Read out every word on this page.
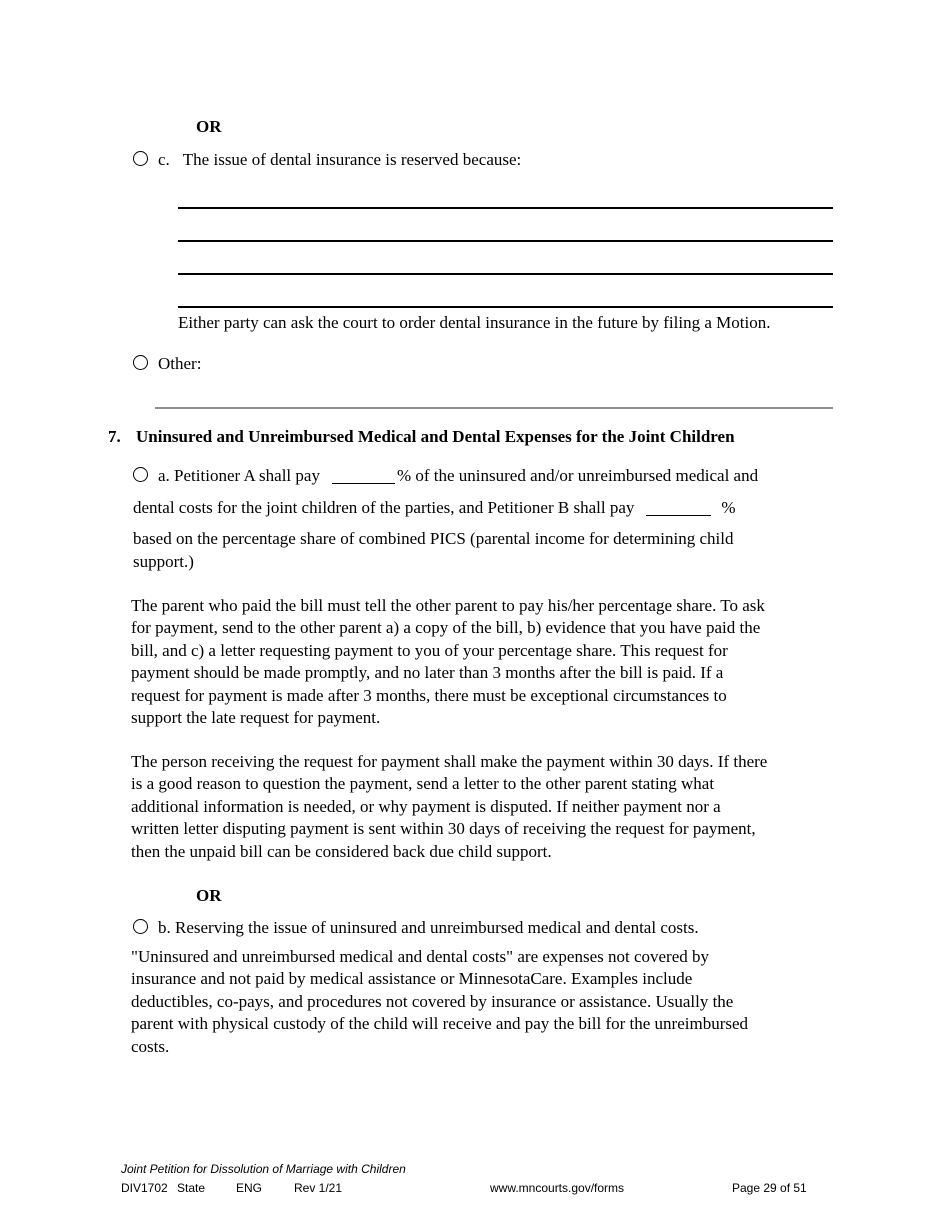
OR
c. The issue of dental insurance is reserved because:
Either party can ask the court to order dental insurance in the future by filing a Motion.
Other:
7. Uninsured and Unreimbursed Medical and Dental Expenses for the Joint Children
a. Petitioner A shall pay	% of the uninsured and/or unreimbursed medical and
dental costs for the joint children of the parties, and Petitioner B shall pay	%
based on the percentage share of combined PICS (parental income for determining child
support.)
The parent who paid the bill must tell the other parent to pay his/her percentage share. To ask
for payment, send to the other parent a) a copy of the bill, b) evidence that you have paid the
bill, and c) a letter requesting payment to you of your percentage share. This request for
payment should be made promptly, and no later than 3 months after the bill is paid. If a
request for payment is made after 3 months, there must be exceptional circumstances to
support the late request for payment.
The person receiving the request for payment shall make the payment within 30 days. If there
is a good reason to question the payment, send a letter to the other parent stating what
additional information is needed, or why payment is disputed. If neither payment nor a
written letter disputing payment is sent within 30 days of receiving the request for payment,
then the unpaid bill can be considered back due child support.
OR
b. Reserving the issue of uninsured and unreimbursed medical and dental costs.
"Uninsured and unreimbursed medical and dental costs" are expenses not covered by
insurance and not paid by medical assistance or MinnesotaCare. Examples include
deductibles, co-pays, and procedures not covered by insurance or assistance. Usually the
parent with physical custody of the child will receive and pay the bill for the unreimbursed
costs.
Joint Petition for Dissolution of Marriage with Children
DIV1702 State	ENG	Rev 1/21	www.mncourts.gov/forms	Page 29 of 51
